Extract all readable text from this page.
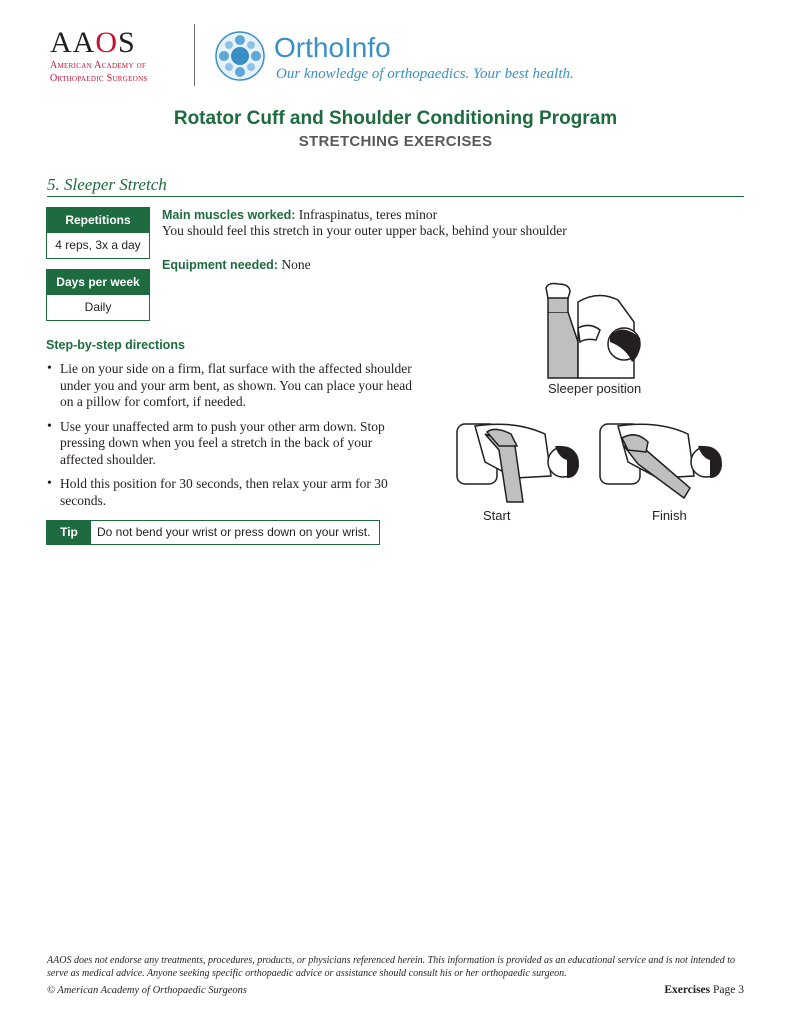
AAOS
American Academy of
Orthopaedic Surgeons
OrthoInfo
Our knowledge of orthopaedics. Your best health.
Rotator Cuff and Shoulder Conditioning Program
STRETCHING EXERCISES
5. Sleeper Stretch
Repetitions
4 reps, 3x a day
Days per week
Daily
Main muscles worked: Infraspinatus, teres minor
You should feel this stretch in your outer upper back, behind your shoulder
Equipment needed: None
Step-by-step directions
• Lie on your side on a firm, flat surface with the affected shoulder under you and your arm bent, as shown. You can place your head on a pillow for comfort, if needed.
• Use your unaffected arm to push your other arm down. Stop pressing down when you feel a stretch in the back of your affected shoulder.
• Hold this position for 30 seconds, then relax your arm for 30 seconds.
Tip	Do not bend your wrist or press down on your wrist.
Sleeper position
Start	Finish
AAOS does not endorse any treatments, procedures, products, or physicians referenced herein. This information is provided as an educational service and is not intended to serve as medical advice. Anyone seeking specific orthopaedic advice or assistance should consult his or her orthopaedic surgeon.
© American Academy of Orthopaedic Surgeons	Exercises Page 3
